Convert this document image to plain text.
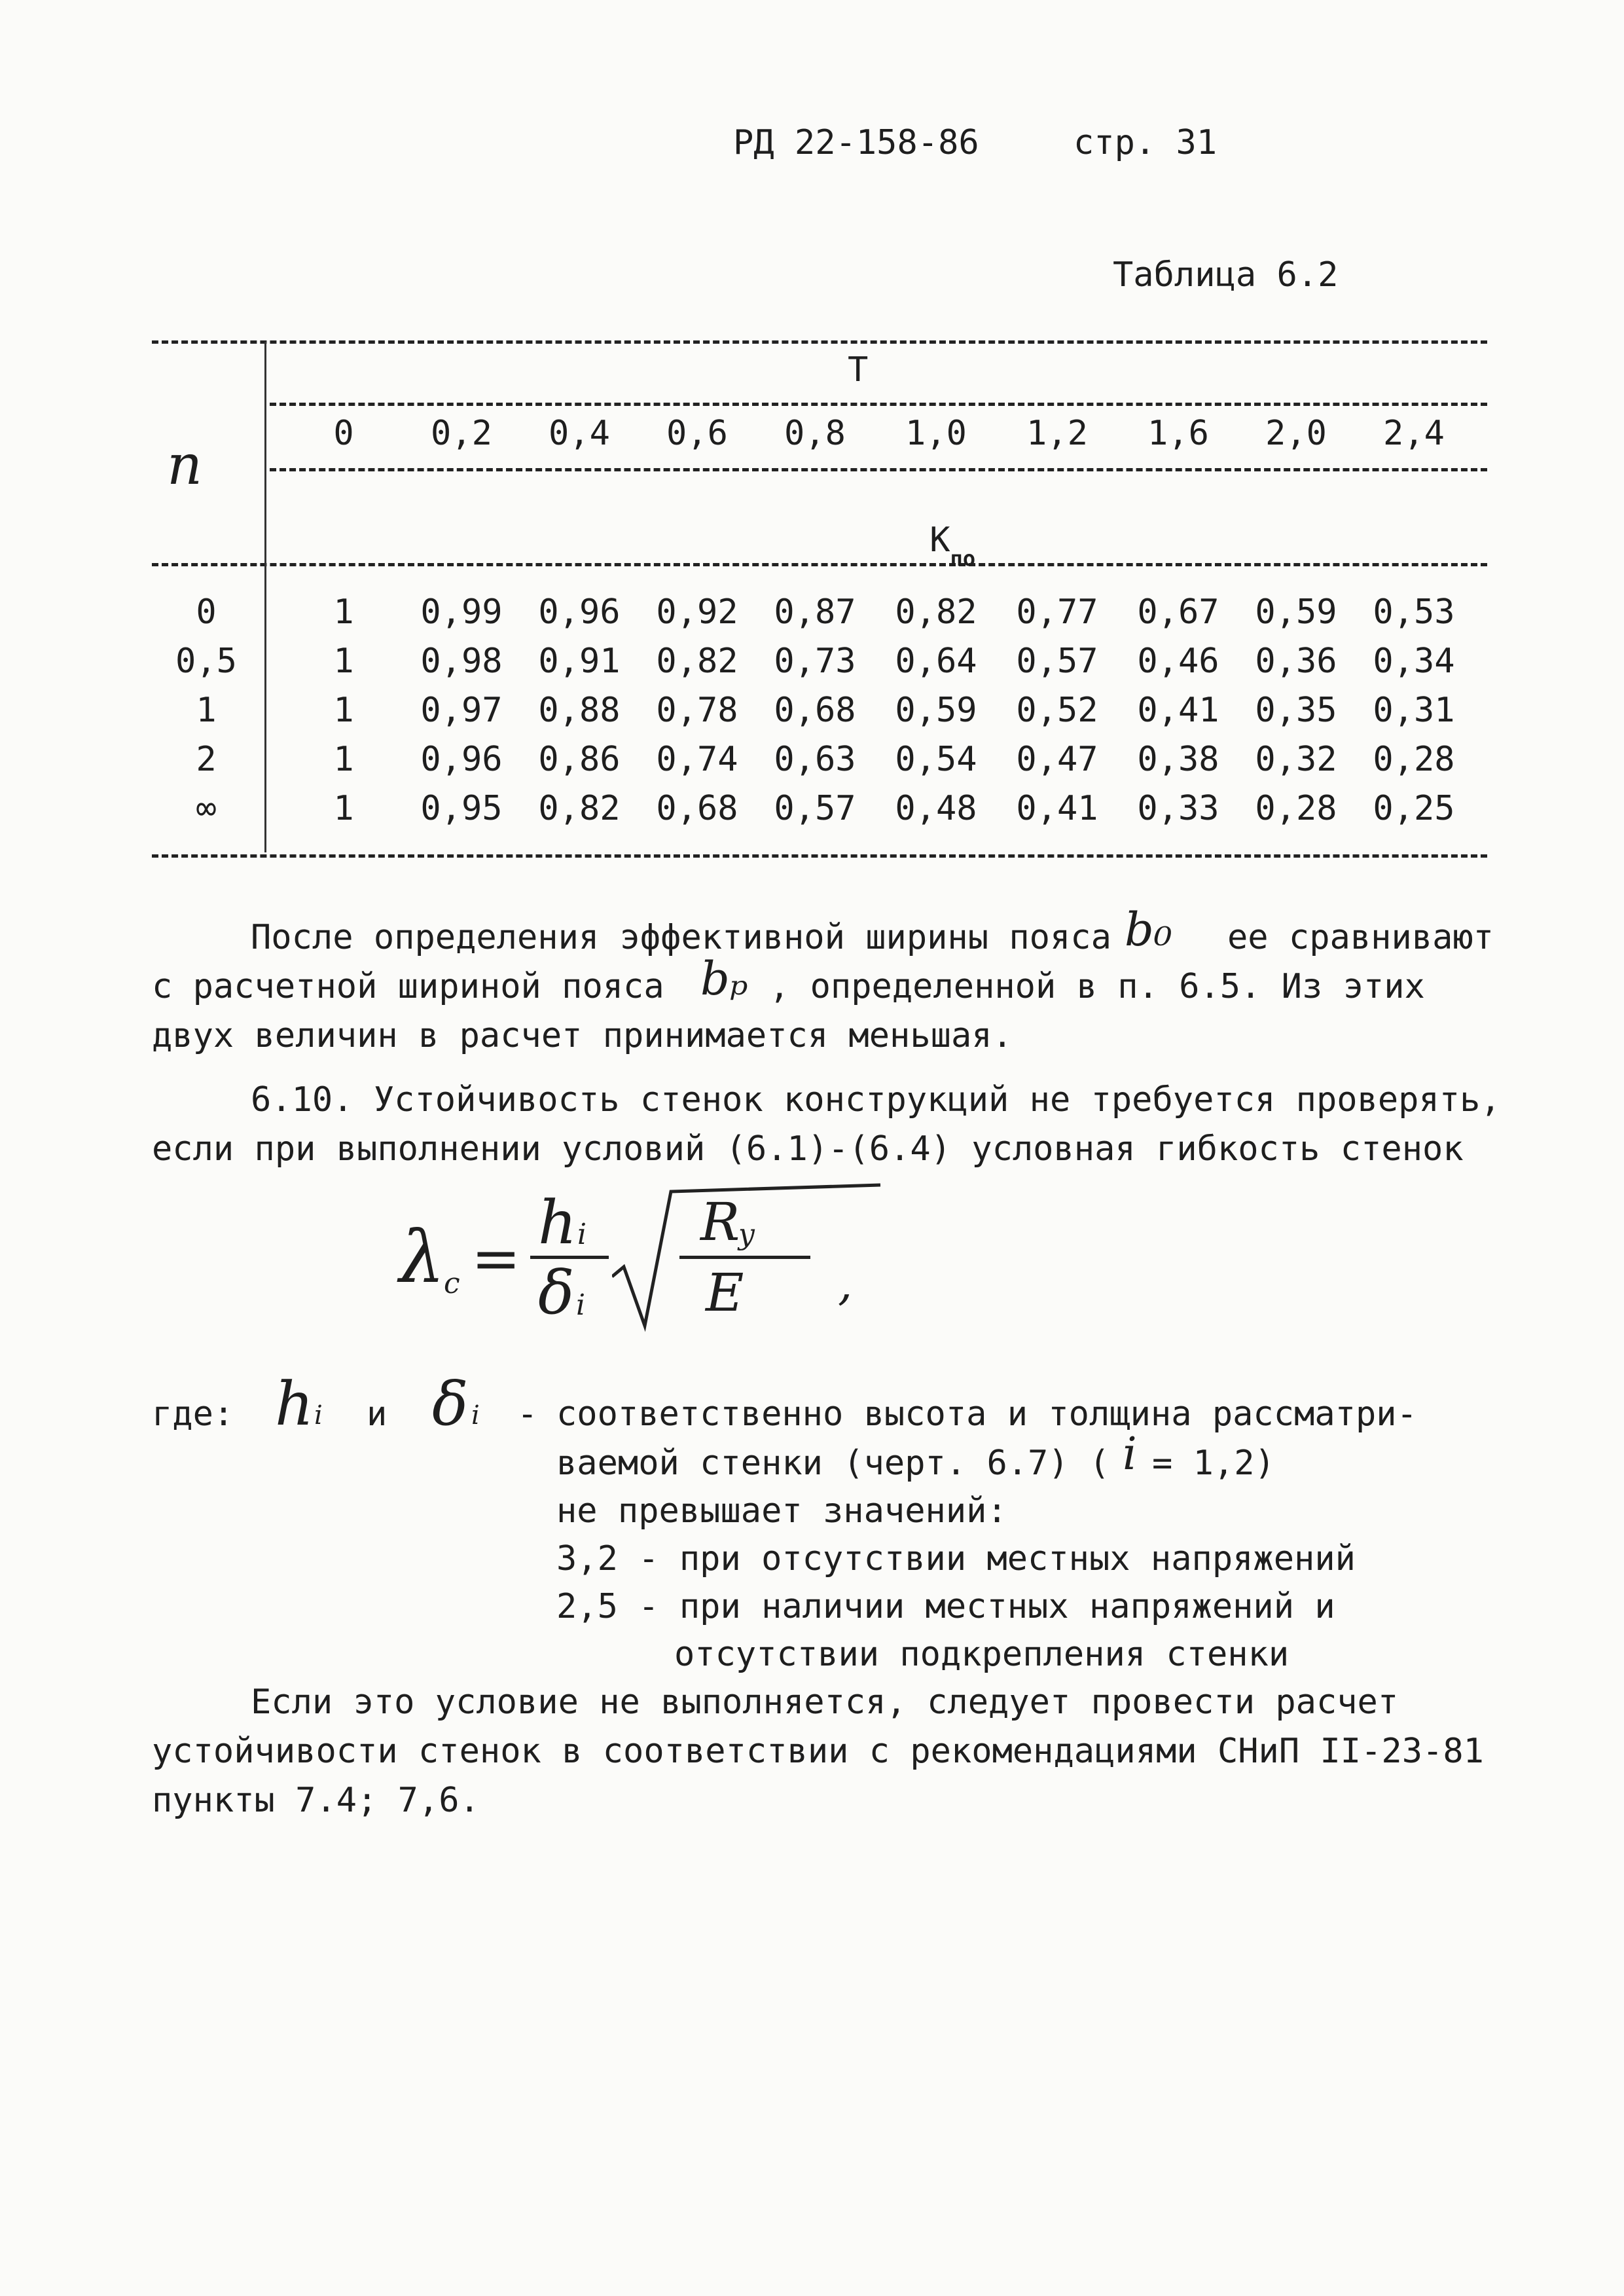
РД 22-158-86	стр. 31
Таблица 6.2
n
T

$K_{по}$

0	0,2	0,4	0,6	0,8	1,0	1,2	1,6	2,0	2,4
0	1	0,99	0,96	0,92	0,87	0,82	0,77	0,67	0,59	0,53
0,5	1	0,98	0,91	0,82	0,73	0,64	0,57	0,46	0,36	0,34
1	1	0,97	0,88	0,78	0,68	0,59	0,52	0,41	0,35	0,31
2	1	0,96	0,86	0,74	0,63	0,54	0,47	0,38	0,32	0,28
∞	1	0,95	0,82	0,68	0,57	0,48	0,41	0,33	0,28	0,25
После определения эффективной ширины пояса b₀ ее сравнивают
с расчетной шириной пояса bₚ , определенной в п. 6.5. Из этих
двух величин в расчет принимается меньшая.
6.10. Устойчивость стенок конструкций не требуется проверять,
если при выполнении условий (6.1)-(6.4) условная гибкость стенок
λ
c =
h i
δ i
R
y
E ,
где: h i и δ i - соответственно высота и толщина рассматри-
ваемой стенки (черт. 6.7) ( i = 1,2)
не превышает значений:
3,2 - при отсутствии местных напряжений
2,5 - при наличии местных напряжений и
отсутствии подкрепления стенки
Если это условие не выполняется, следует провести расчет
устойчивости стенок в соответствии с рекомендациями СНиП II-23-81
пункты 7.4; 7,6.
